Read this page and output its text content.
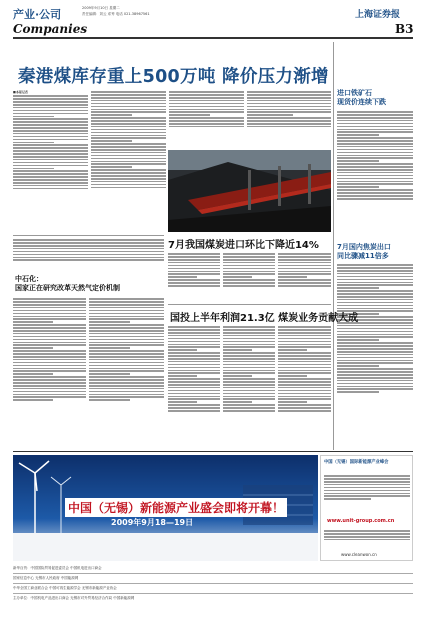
产业·公司	2009年9月10日 星期二
责任编辑：刘云 邓秀 电话 021-38967561	上海证券报
Companies	B3
秦港煤库存重上500万吨 降价压力渐增
■本报记者	进口铁矿石
现货价连续下跌
7月国内焦炭出口
同比骤减11倍多
7月我国煤炭进口环比下降近14%
中石化：
国家正在研究改革天然气定价机制
国投上半年利润21.3亿 煤炭业务贡献大成
中国（无锡）新能源产业盛会即将开幕！
2009年9月18—19日
中国（无锡）国际新能源产业峰会
www.unit-group.com.cn
www.cleanwon.cn
新华百货：中国国际贸易促进委员会 中国机电进出口商会
国家信息中心 无锡市人民政府 中国能源网
中华全国工商业联合会 中国可再生能源学会 无锡市新能源产业协会
主办单位：中国机电产品进出口商会 无锡市对外贸易经济合作局 中国新能源网
